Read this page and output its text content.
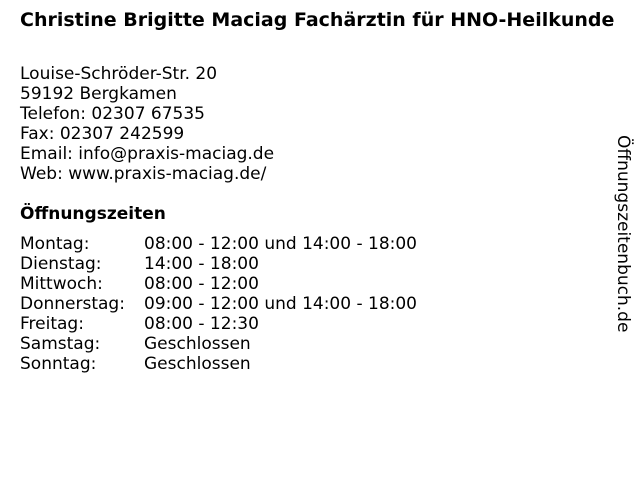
Christine Brigitte Maciag Fachärztin für HNO-Heilkunde
Louise-Schröder-Str. 20
59192 Bergkamen
Telefon: 02307 67535
Fax: 02307 242599
Email: info@praxis-maciag.de
Web: www.praxis-maciag.de/
Öffnungszeiten
Montag:	08:00 - 12:00 und 14:00 - 18:00
Dienstag:	14:00 - 18:00
Mittwoch:	08:00 - 12:00
Donnerstag:	09:00 - 12:00 und 14:00 - 18:00
Freitag:	08:00 - 12:30
Samstag:	Geschlossen
Sonntag:	Geschlossen
Öffnungszeitenbuch.de
